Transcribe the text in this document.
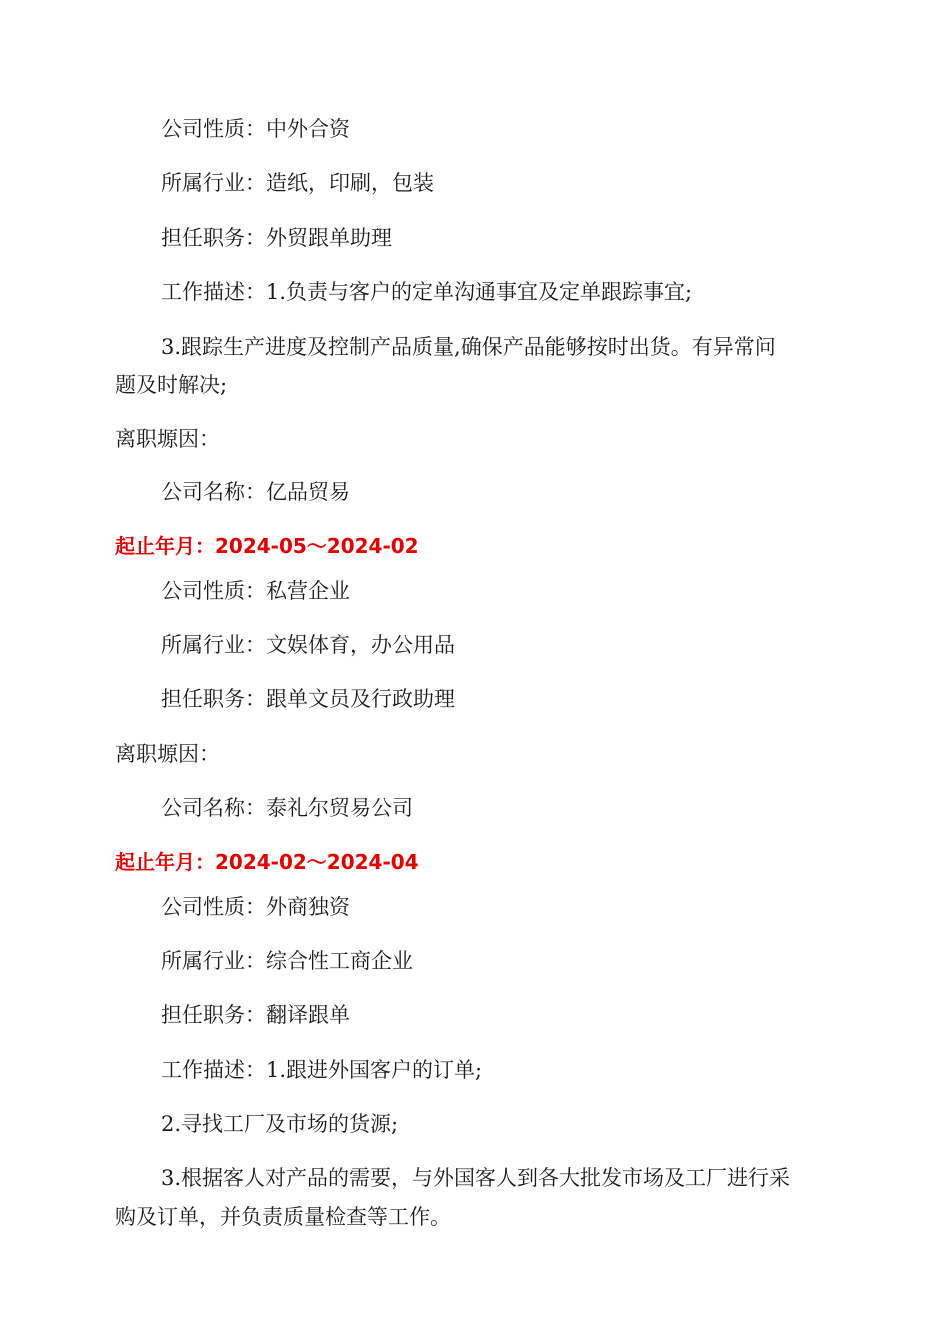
公司性质：中外合资
所属行业：造纸，印刷，包装
担任职务：外贸跟单助理
工作描述：1.负责与客户的定单沟通事宜及定单跟踪事宜;
3.跟踪生产进度及控制产品质量,确保产品能够按时出货。有异常问
题及时解决;
离职塬因：
公司名称：亿品贸易
起止年月：2024-05～2024-02
公司性质：私营企业
所属行业：文娱体育，办公用品
担任职务：跟单文员及行政助理
离职塬因：
公司名称：泰礼尔贸易公司
起止年月：2024-02～2024-04
公司性质：外商独资
所属行业：综合性工商企业
担任职务：翻译跟单
工作描述：1.跟进外国客户的订单;
2.寻找工厂及市场的货源;
3.根据客人对产品的需要，与外国客人到各大批发市场及工厂进行采
购及订单，并负责质量检查等工作。
